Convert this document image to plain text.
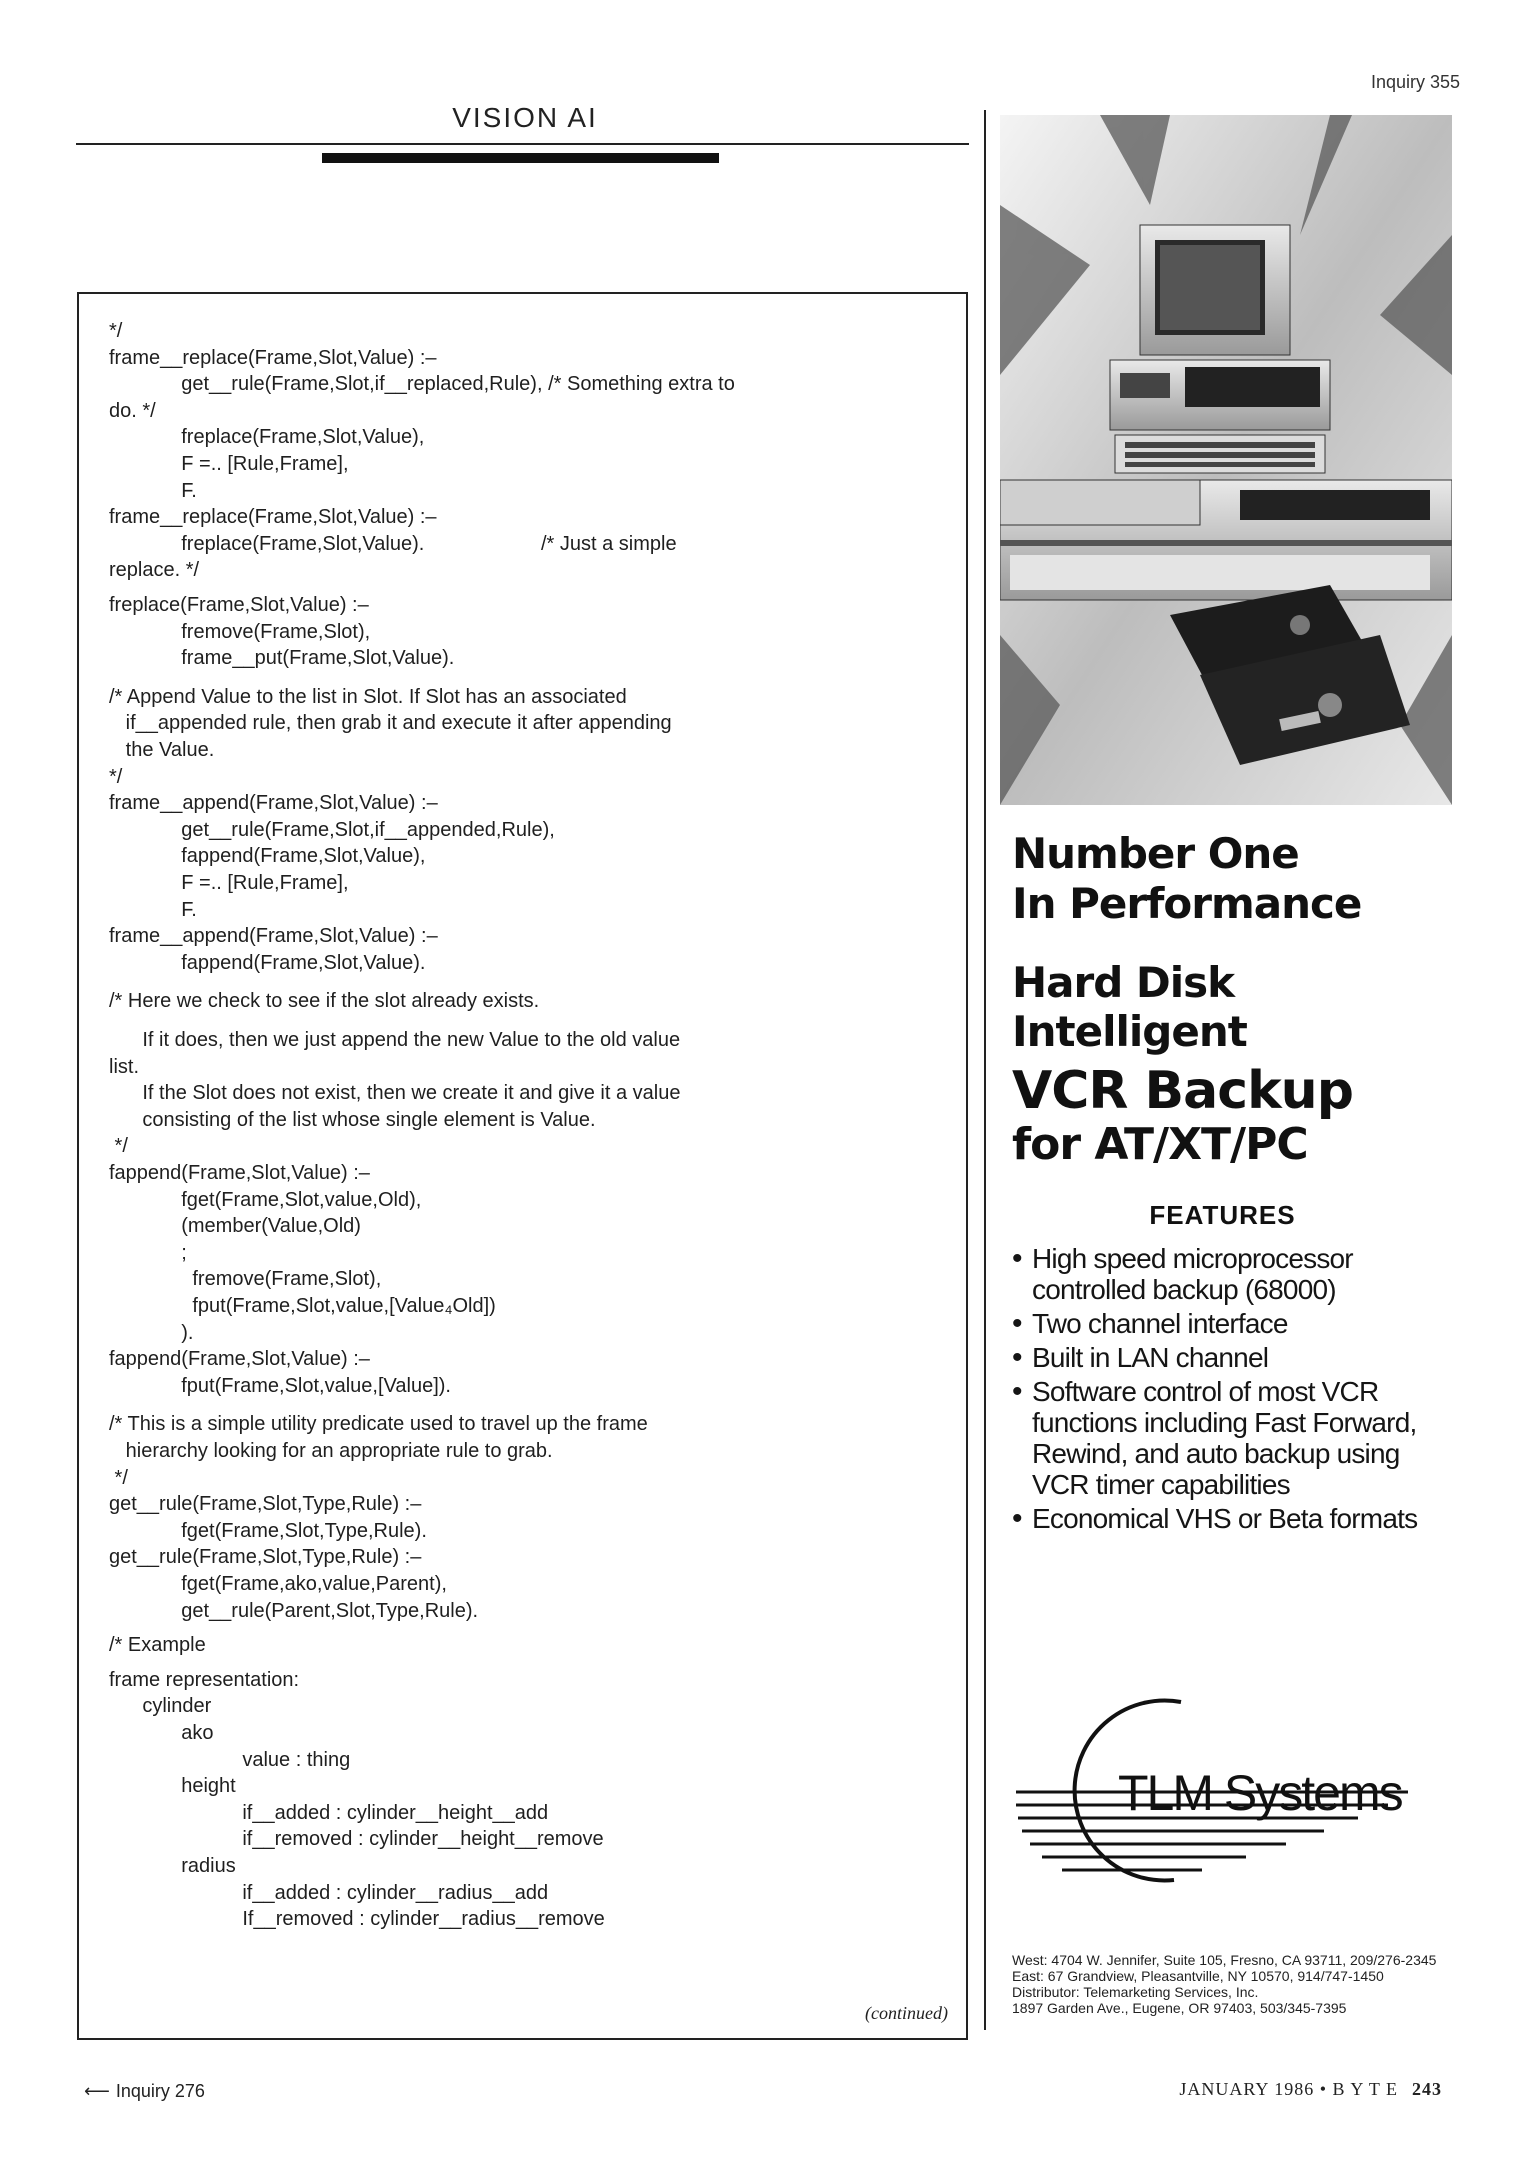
Inquiry 355
VISION AI
*/
frame__replace(Frame,Slot,Value) :–
get__rule(Frame,Slot,if__replaced,Rule), /* Something extra to
do. */
freplace(Frame,Slot,Value),
F =.. [Rule,Frame],
F.
frame__replace(Frame,Slot,Value) :–
freplace(Frame,Slot,Value).                     /* Just a simple
replace. */
freplace(Frame,Slot,Value) :–
fremove(Frame,Slot),
frame__put(Frame,Slot,Value).
/* Append Value to the list in Slot. If Slot has an associated
if__appended rule, then grab it and execute it after appending
the Value.
*/
frame__append(Frame,Slot,Value) :–
get__rule(Frame,Slot,if__appended,Rule),
fappend(Frame,Slot,Value),
F =.. [Rule,Frame],
F.
frame__append(Frame,Slot,Value) :–
fappend(Frame,Slot,Value).
/* Here we check to see if the slot already exists.
If it does, then we just append the new Value to the old value
list.
If the Slot does not exist, then we create it and give it a value
consisting of the list whose single element is Value.
*/
fappend(Frame,Slot,Value) :–
fget(Frame,Slot,value,Old),
(member(Value,Old)
;
fremove(Frame,Slot),
fput(Frame,Slot,value,[Value₄Old])
).
fappend(Frame,Slot,Value) :–
fput(Frame,Slot,value,[Value]).
/* This is a simple utility predicate used to travel up the frame
hierarchy looking for an appropriate rule to grab.
*/
get__rule(Frame,Slot,Type,Rule) :–
fget(Frame,Slot,Type,Rule).
get__rule(Frame,Slot,Type,Rule) :–
fget(Frame,ako,value,Parent),
get__rule(Parent,Slot,Type,Rule).
/* Example
frame representation:
cylinder
ako
value : thing
height
if__added : cylinder__height__add
if__removed : cylinder__height__remove
radius
if__added : cylinder__radius__add
If__removed : cylinder__radius__remove
(continued)
Number One
In Performance
Hard Disk
Intelligent
VCR Backup
for AT/XT/PC
FEATURES
• High speed microprocessor controlled backup (68000)
• Two channel interface
• Built in LAN channel
• Software control of most VCR functions including Fast Forward, Rewind, and auto backup using VCR timer capabilities
• Economical VHS or Beta formats
TLM Systems
West: 4704 W. Jennifer, Suite 105, Fresno, CA 93711, 209/276-2345
East: 67 Grandview, Pleasantville, NY 10570, 914/747-1450
Distributor: Telemarketing Services, Inc.
1897 Garden Ave., Eugene, OR 97403, 503/345-7395
⟵ Inquiry 276	JANUARY 1986 • B Y T E 243
